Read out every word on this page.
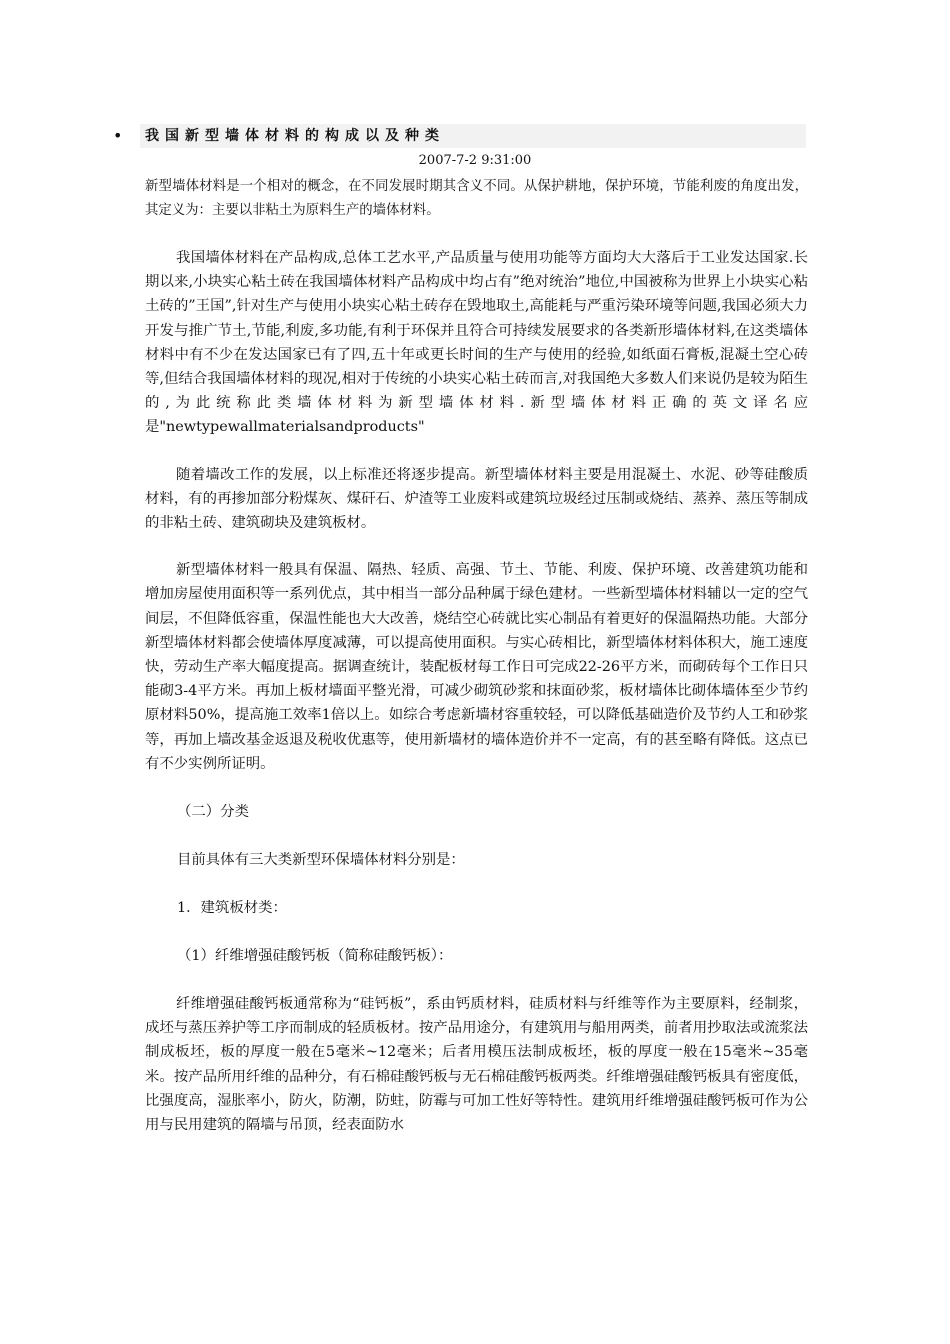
• 我国新型墙体材料的构成以及种类
2007-7-2 9:31:00

新型墙体材料是一个相对的概念，在不同发展时期其含义不同。从保护耕地，保护环境，节能利废的角度出发，其定义为：主要以非粘土为原料生产的墙体材料。

我国墙体材料在产品构成,总体工艺水平,产品质量与使用功能等方面均大大落后于工业发达国家.长期以来,小块实心粘土砖在我国墙体材料产品构成中均占有”绝对统治”地位,中国被称为世界上小块实心粘土砖的”王国”,针对生产与使用小块实心粘土砖存在毁地取土,高能耗与严重污染环境等问题,我国必须大力开发与推广节土,节能,利废,多功能,有利于环保并且符合可持续发展要求的各类新形墙体材料,在这类墙体材料中有不少在发达国家已有了四,五十年或更长时间的生产与使用的经验,如纸面石膏板,混凝土空心砖等,但结合我国墙体材料的现况,相对于传统的小块实心粘土砖而言,对我国绝大多数人们来说仍是较为陌生的,为此统称此类墙体材料为新型墙体材料.新型墙体材料正确的英文译名应是"newtypewallmaterialsandproducts"

随着墙改工作的发展，以上标准还将逐步提高。新型墙体材料主要是用混凝土、水泥、砂等硅酸质材料，有的再掺加部分粉煤灰、煤矸石、炉渣等工业废料或建筑垃圾经过压制或烧结、蒸养、蒸压等制成的非粘土砖、建筑砌块及建筑板材。

新型墙体材料一般具有保温、隔热、轻质、高强、节土、节能、利废、保护环境、改善建筑功能和增加房屋使用面积等一系列优点，其中相当一部分品种属于绿色建材。一些新型墙体材料辅以一定的空气间层，不但降低容重，保温性能也大大改善，烧结空心砖就比实心制品有着更好的保温隔热功能。大部分新型墙体材料都会使墙体厚度减薄，可以提高使用面积。与实心砖相比，新型墙体材料体积大，施工速度快，劳动生产率大幅度提高。据调查统计，装配板材每工作日可完成22-26平方米，而砌砖每个工作日只能砌3-4平方米。再加上板材墙面平整光滑，可减少砌筑砂浆和抹面砂浆，板材墙体比砌体墙体至少节约原材料50%，提高施工效率1倍以上。如综合考虑新墙材容重较轻，可以降低基础造价及节约人工和砂浆等，再加上墙改基金返退及税收优惠等，使用新墙材的墙体造价并不一定高，有的甚至略有降低。这点已有不少实例所证明。

（二）分类

目前具体有三大类新型环保墙体材料分别是：

1．建筑板材类：

（1）纤维增强硅酸钙板（简称硅酸钙板）：

纤维增强硅酸钙板通常称为“硅钙板”，系由钙质材料，硅质材料与纤维等作为主要原料，经制浆，成坯与蒸压养护等工序而制成的轻质板材。按产品用途分，有建筑用与船用两类，前者用抄取法或流浆法制成板坯，板的厚度一般在5毫米~12毫米；后者用模压法制成板坯，板的厚度一般在15毫米~35毫米。按产品所用纤维的品种分，有石棉硅酸钙板与无石棉硅酸钙板两类。纤维增强硅酸钙板具有密度低，比强度高，湿胀率小，防火，防潮，防蛀，防霉与可加工性好等特性。建筑用纤维增强硅酸钙板可作为公用与民用建筑的隔墙与吊顶，经表面防水
